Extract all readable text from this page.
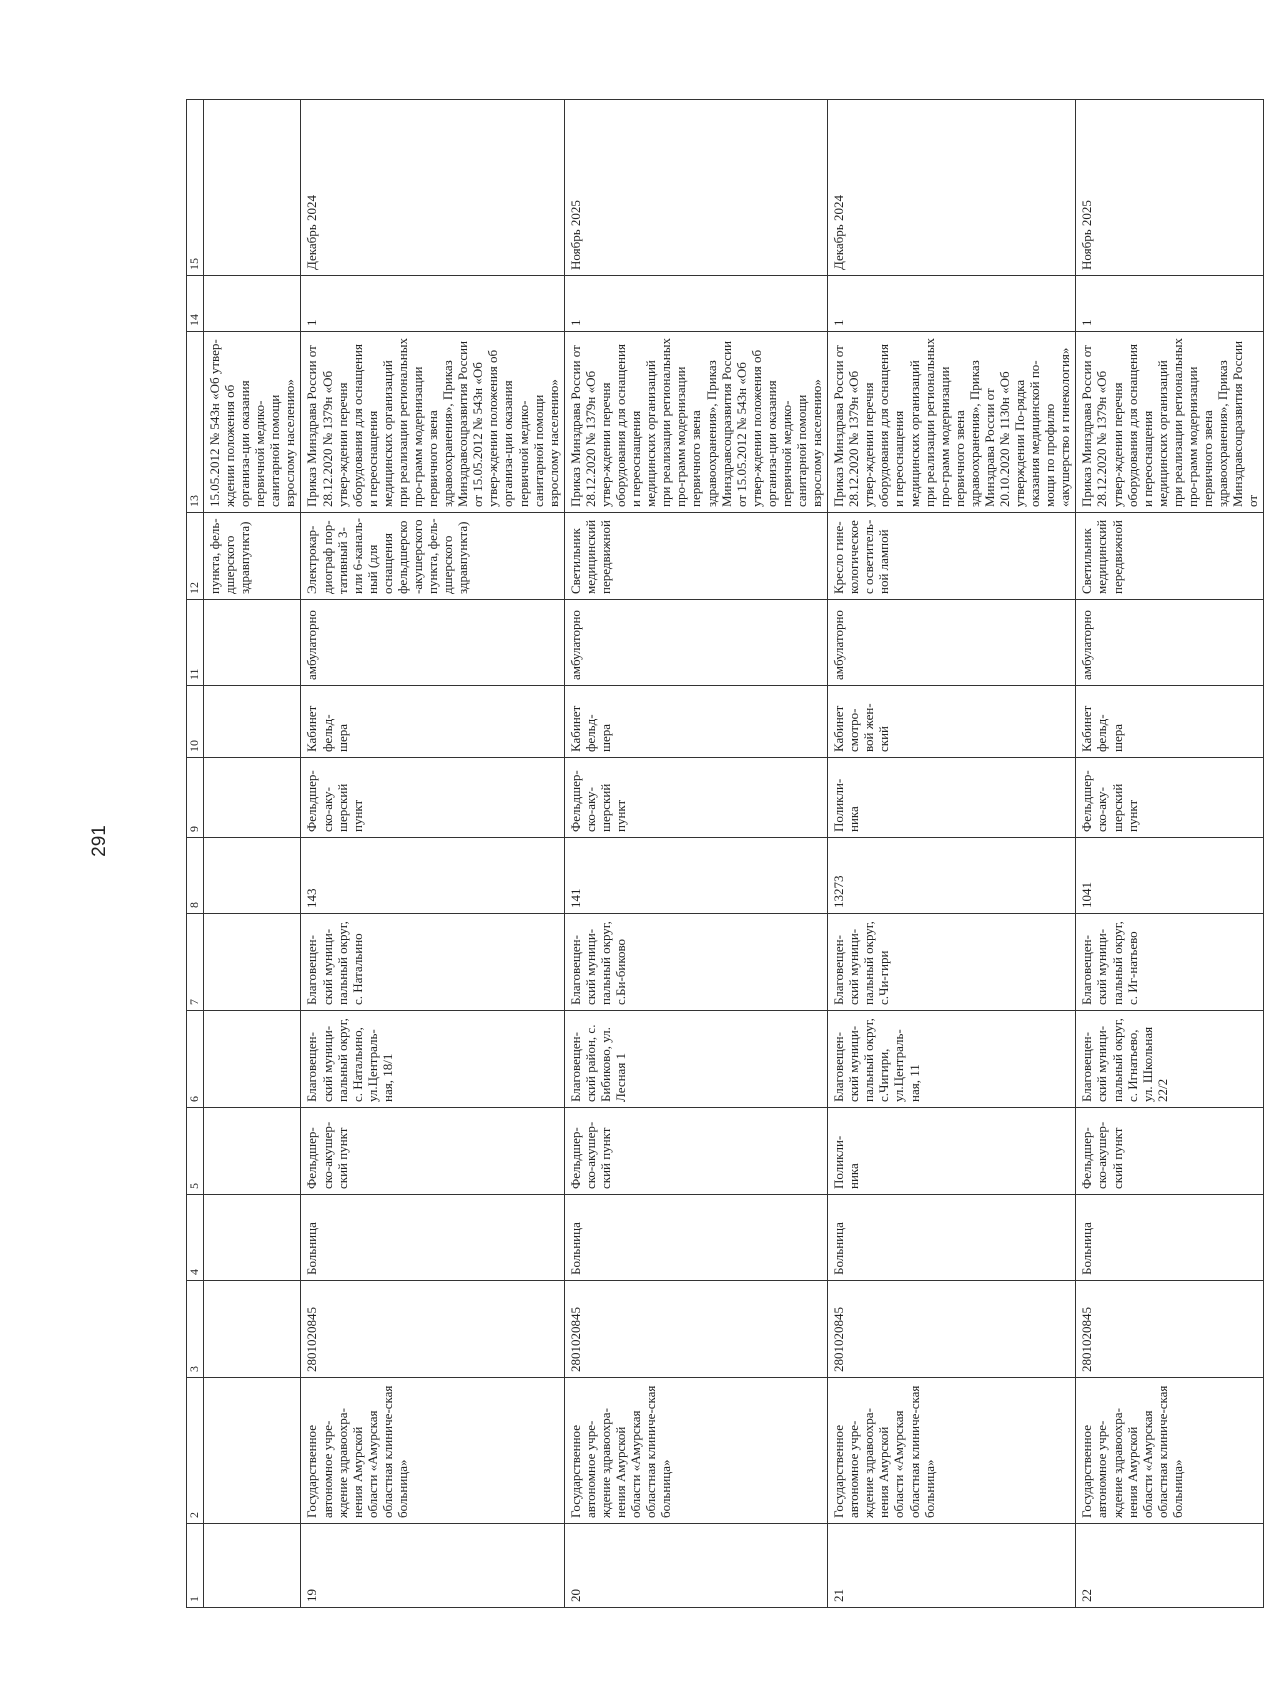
291
1	2	3	4	5	6	7	8	9	10	11	12	13	14	15
											пункта, фель-дшерского здравпункта)	15.05.2012 № 543н «Об утвер-ждении положения об организа-ции оказания первичной медико-санитарной помощи взрослому населению»		
19	Государственное автономное учре-ждение здравоохра-нения Амурской области «Амурская областная клиниче-ская больница»	2801020845	Больница	Фельдшер-ско-акушер-ский пункт	Благовещен-ский муници-пальный округ, с. Натальино, ул.Централь-ная, 18/1	Благовещен-ский муници-пальный округ, с. Натальино	143	Фельдшер-ско-аку-шерский пункт	Кабинет фельд-шера	амбулаторно	Электрокар-диограф пор-тативный 3- или 6-каналь-ный (для оснащения фельдшерско-акушерского пункта, фель-дшерского здравпункта)	Приказ Минздрава России от 28.12.2020 № 1379н «Об утвер-ждении перечня оборудования для оснащения и переоснащения медицинских организаций при реализации региональных про-грамм модернизации первичного звена здравоохранения», Приказ Минздравсоцразвития России от 15.05.2012 № 543н «Об утвер-ждении положения об организа-ции оказания первичной медико-санитарной помощи взрослому населению»	1	Декабрь 2024
20	Государственное автономное учре-ждение здравоохра-нения Амурской области «Амурская областная клиниче-ская больница»	2801020845	Больница	Фельдшер-ско-акушер-ский пункт	Благовещен-ский район, с. Бибиково, ул. Лесная 1	Благовещен-ский муници-пальный округ, с.Би-биково	141	Фельдшер-ско-аку-шерский пункт	Кабинет фельд-шера	амбулаторно	Светильник медицинский передвижной	Приказ Минздрава России от 28.12.2020 № 1379н «Об утвер-ждении перечня оборудования для оснащения и переоснащения медицинских организаций при реализации региональных про-грамм модернизации первичного звена здравоохранения», Приказ Минздравсоцразвития России от 15.05.2012 № 543н «Об утвер-ждении положения об организа-ции оказания первичной медико-санитарной помощи взрослому населению»	1	Ноябрь 2025
21	Государственное автономное учре-ждение здравоохра-нения Амурской области «Амурская областная клиниче-ская больница»	2801020845	Больница	Поликли-ника	Благовещен-ский муници-пальный округ, с.Чигири, ул.Централь-ная, 11	Благовещен-ский муници-пальный округ, с.Чи-гири	13273	Поликли-ника	Кабинет смотро-вой жен-ский	амбулаторно	Кресло гине-кологическое с осветитель-ной лампой	Приказ Минздрава России от 28.12.2020 № 1379н «Об утвер-ждении перечня оборудования для оснащения и переоснащения медицинских организаций при реализации региональных про-грамм модернизации первичного звена здравоохранения», Приказ Минздрава России от 20.10.2020 № 1130н «Об утверждении По-рядка оказания медицинской по-мощи по профилю «акушерство и гинекология»	1	Декабрь 2024
22	Государственное автономное учре-ждение здравоохра-нения Амурской области «Амурская областная клиниче-ская больница»	2801020845	Больница	Фельдшер-ско-акушер-ский пункт	Благовещен-ский муници-пальный округ, с. Игнатьево, ул. Школьная 22/2	Благовещен-ский муници-пальный округ, с. Иг-натьево	1041	Фельдшер-ско-аку-шерский пункт	Кабинет фельд-шера	амбулаторно	Светильник медицинский передвижной	Приказ Минздрава России от 28.12.2020 № 1379н «Об утвер-ждении перечня оборудования для оснащения и переоснащения медицинских организаций при реализации региональных про-грамм модернизации первичного звена здравоохранения», Приказ Минздравсоцразвития России от	1	Ноябрь 2025
